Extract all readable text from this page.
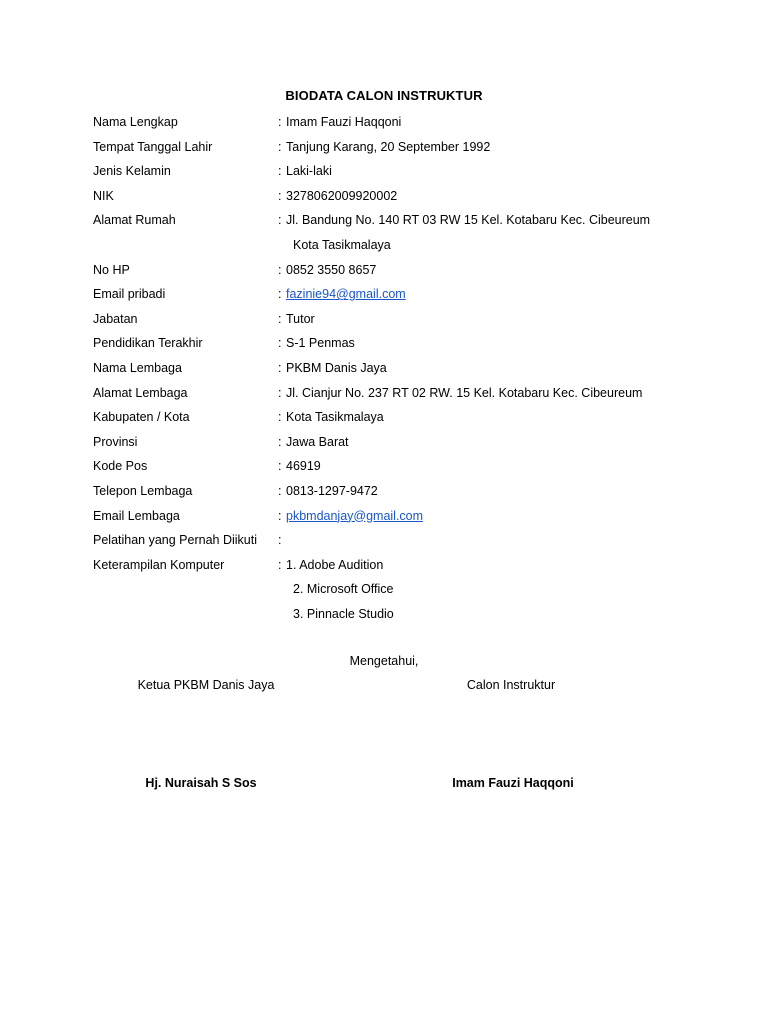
BIODATA CALON INSTRUKTUR
Nama Lengkap	: Imam Fauzi Haqqoni
Tempat Tanggal Lahir	: Tanjung Karang, 20 September 1992
Jenis Kelamin	: Laki-laki
NIK	: 3278062009920002
Alamat Rumah	: Jl. Bandung No. 140 RT 03 RW 15 Kel. Kotabaru Kec. Cibeureum
Kota Tasikmalaya
No HP	: 0852 3550 8657
Email pribadi	: fazinie94@gmail.com
Jabatan	: Tutor
Pendidikan Terakhir	: S-1 Penmas
Nama Lembaga	: PKBM Danis Jaya
Alamat Lembaga	: Jl. Cianjur No. 237 RT 02 RW. 15 Kel. Kotabaru Kec. Cibeureum
Kabupaten / Kota	: Kota Tasikmalaya
Provinsi	: Jawa Barat
Kode Pos	: 46919
Telepon Lembaga	: 0813-1297-9472
Email Lembaga	: pkbmdanjay@gmail.com
Pelatihan yang Pernah Diikuti	:
Keterampilan Komputer	: 1. Adobe Audition
2. Microsoft Office
3. Pinnacle Studio
Mengetahui,
Ketua PKBM Danis Jaya	Calon Instruktur
Hj. Nuraisah S Sos	Imam Fauzi Haqqoni
